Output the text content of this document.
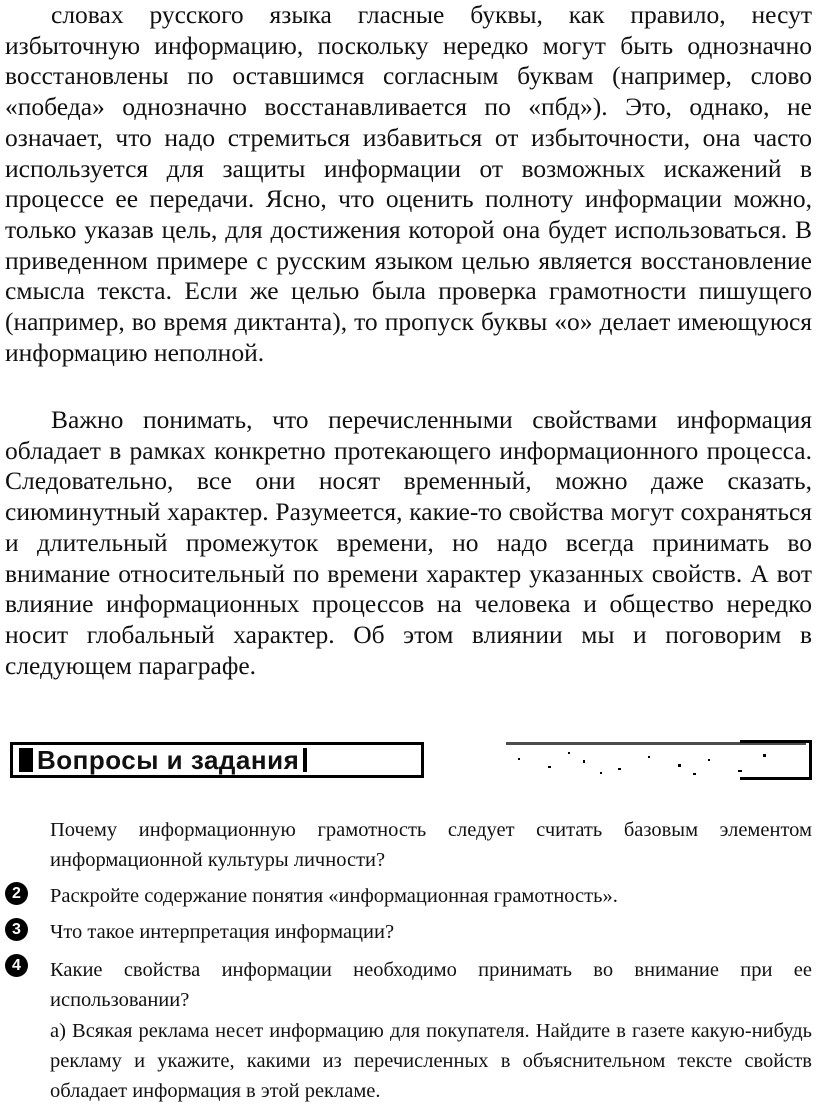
словах русского языка гласные буквы, как правило, несут избыточную информацию, поскольку нередко могут быть однозначно восстановлены по оставшимся согласным буквам (например, слово «победа» однозначно восстанавливается по «пбд»). Это, однако, не означает, что надо стремиться избавиться от избыточности, она часто используется для защиты информации от возможных искажений в процессе ее передачи. Ясно, что оценить полноту информации можно, только указав цель, для достижения которой она будет использоваться. В приведенном примере с русским языком целью является восстановление смысла текста. Если же целью была проверка грамотности пишущего (например, во время диктанта), то пропуск буквы «о» делает имеющуюся информацию неполной.

Важно понимать, что перечисленными свойствами информация обладает в рамках конкретно протекающего информационного процесса. Следовательно, все они носят временный, можно даже сказать, сиюминутный характер. Разумеется, какие-то свойства могут сохраняться и длительный промежуток времени, но надо всегда принимать во внимание относительный по времени характер указанных свойств. А вот влияние информационных процессов на человека и общество нередко носит глобальный характер. Об этом влиянии мы и поговорим в следующем параграфе.

Вопросы и задания
2
3
4
Почему информационную грамотность следует считать базовым элементом информационной культуры личности?
Раскройте содержание понятия «информационная грамотность».
Что такое интерпретация информации?
Какие свойства информации необходимо принимать во внимание при ее использовании?
а) Всякая реклама несет информацию для покупателя. Найдите в газете какую-нибудь рекламу и укажите, какими из перечисленных в объяснительном тексте свойств обладает информация в этой рекламе.
